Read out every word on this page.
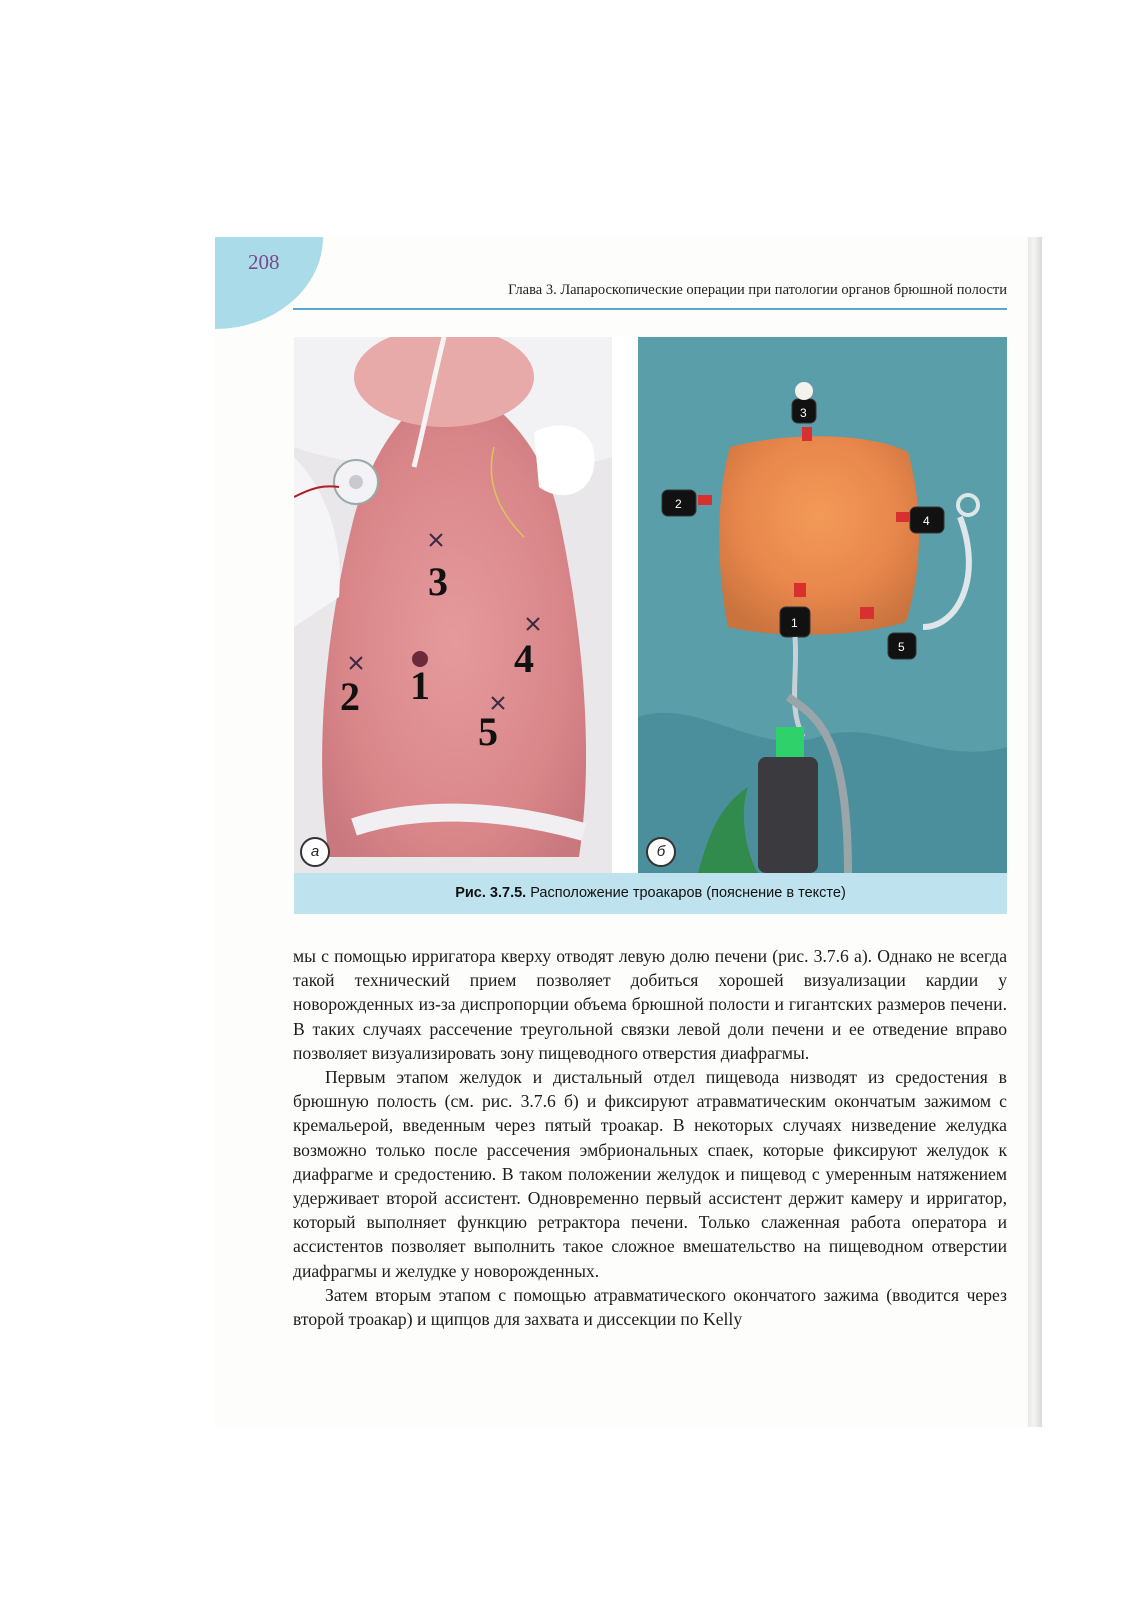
208
Глава 3. Лапароскопические операции при патологии органов брюшной полости
3
4
2 1
5
а
3
2
4
1
5
б
Рис. 3.7.5. Расположение троакаров (пояснение в тексте)

мы с помощью ирригатора кверху отводят левую долю печени (рис. 3.7.6 а). Однако не всегда такой технический прием позволяет добиться хорошей визуализации кардии у новорожденных из-за диспропорции объема брюшной полости и гигантских размеров печени. В таких случаях рассечение треугольной связки левой доли печени и ее отведение вправо позволяет визуализировать зону пищеводного отверстия диафрагмы.

Первым этапом желудок и дистальный отдел пищевода низводят из средостения в брюшную полость (см. рис. 3.7.6 б) и фиксируют атравматическим окончатым зажимом с кремальерой, введенным через пятый троакар. В некоторых случаях низведение желудка возможно только после рассечения эмбриональных спаек, которые фиксируют желудок к диафрагме и средостению. В таком положении желудок и пищевод с умеренным натяжением удерживает второй ассистент. Одновременно первый ассистент держит камеру и ирригатор, который выполняет функцию ретрактора печени. Только слаженная работа оператора и ассистентов позволяет выполнить такое сложное вмешательство на пищеводном отверстии диафрагмы и желудке у новорожденных.

Затем вторым этапом с помощью атравматического окончатого зажима (вводится через второй троакар) и щипцов для захвата и диссекции по Kelly
